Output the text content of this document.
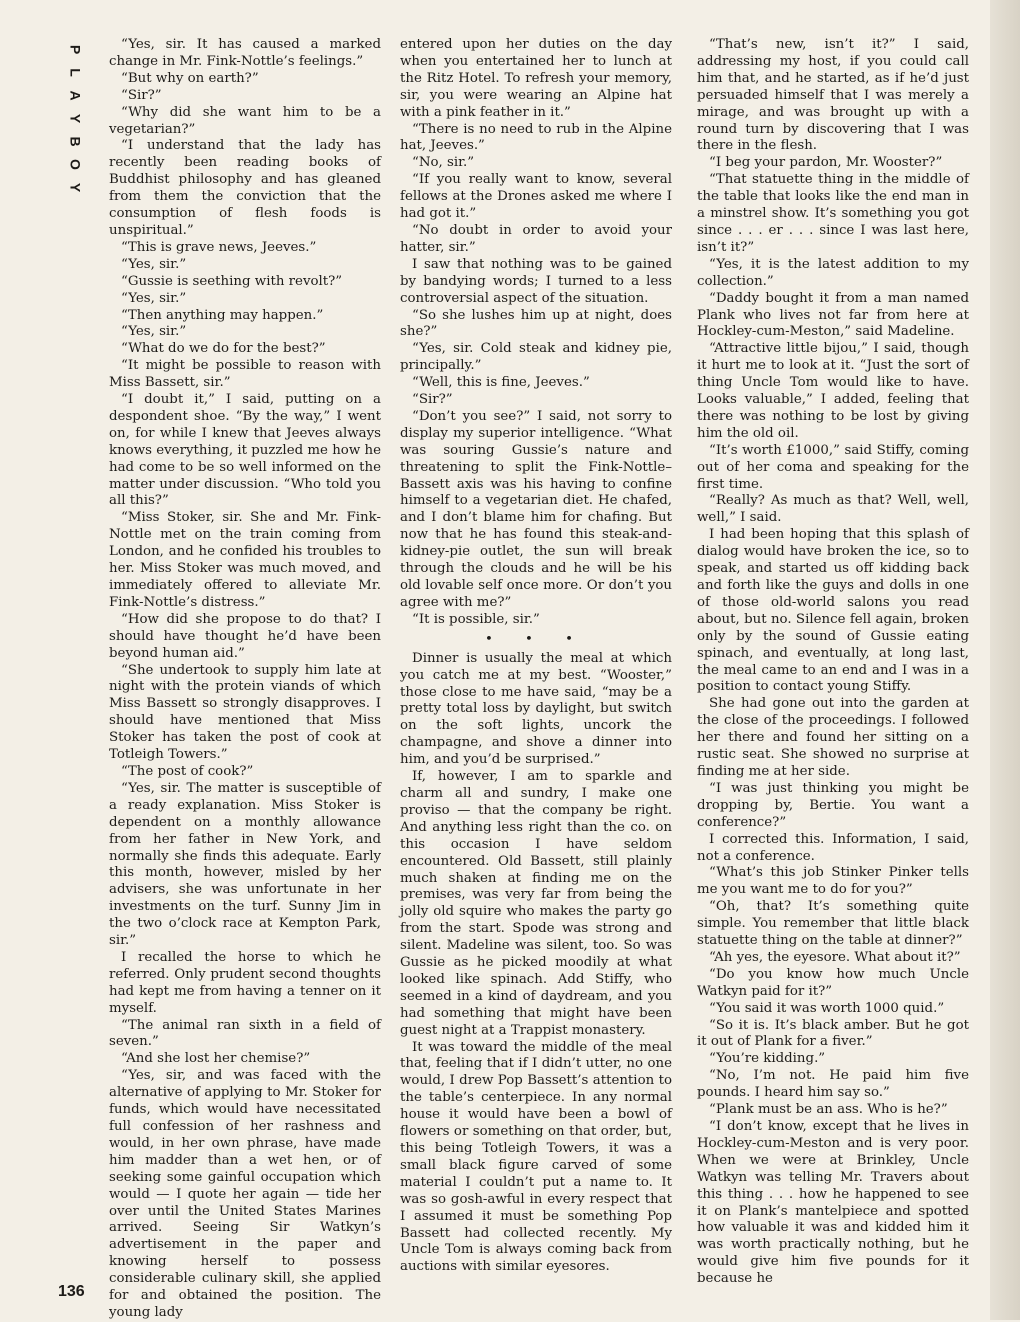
P
L
A
Y
B
O
Y

“Yes, sir. It has caused a marked change in Mr. Fink-Nottle’s feelings.”

“But why on earth?”

“Sir?”

“Why did she want him to be a vegetarian?”

“I understand that the lady has recently been reading books of Buddhist philosophy and has gleaned from them the conviction that the consumption of flesh foods is unspiritual.”

“This is grave news, Jeeves.”

“Yes, sir.”

“Gussie is seething with revolt?”

“Yes, sir.”

“Then anything may happen.”

“Yes, sir.”

“What do we do for the best?”

“It might be possible to reason with Miss Bassett, sir.”

“I doubt it,” I said, putting on a despondent shoe. “By the way,” I went on, for while I knew that Jeeves always knows everything, it puzzled me how he had come to be so well informed on the matter under discussion. “Who told you all this?”

“Miss Stoker, sir. She and Mr. Fink-Nottle met on the train coming from London, and he confided his troubles to her. Miss Stoker was much moved, and immediately offered to alleviate Mr. Fink-Nottle’s distress.”

“How did she propose to do that? I should have thought he’d have been beyond human aid.”

“She undertook to supply him late at night with the protein viands of which Miss Bassett so strongly disapproves. I should have mentioned that Miss Stoker has taken the post of cook at Totleigh Towers.”

“The post of cook?”

“Yes, sir. The matter is susceptible of a ready explanation. Miss Stoker is dependent on a monthly allowance from her father in New York, and normally she finds this adequate. Early this month, however, misled by her advisers, she was unfortunate in her investments on the turf. Sunny Jim in the two o’clock race at Kempton Park, sir.”

I recalled the horse to which he referred. Only prudent second thoughts had kept me from having a tenner on it myself.

“The animal ran sixth in a field of seven.”

“And she lost her chemise?”

“Yes, sir, and was faced with the alternative of applying to Mr. Stoker for funds, which would have necessitated full confession of her rashness and would, in her own phrase, have made him madder than a wet hen, or of seeking some gainful occupation which would — I quote her again — tide her over until the United States Marines arrived. Seeing Sir Watkyn’s advertisement in the paper and knowing herself to possess considerable culinary skill, she applied for and obtained the position. The young lady

entered upon her duties on the day when you entertained her to lunch at the Ritz Hotel. To refresh your memory, sir, you were wearing an Alpine hat with a pink feather in it.”

“There is no need to rub in the Alpine hat, Jeeves.”

“No, sir.”

“If you really want to know, several fellows at the Drones asked me where I had got it.”

“No doubt in order to avoid your hatter, sir.”

I saw that nothing was to be gained by bandying words; I turned to a less controversial aspect of the situation.

“So she lushes him up at night, does she?”

“Yes, sir. Cold steak and kidney pie, principally.”

“Well, this is fine, Jeeves.”

“Sir?”

“Don’t you see?” I said, not sorry to display my superior intelligence. “What was souring Gussie’s nature and threatening to split the Fink-Nottle–Bassett axis was his having to confine himself to a vegetarian diet. He chafed, and I don’t blame him for chafing. But now that he has found this steak-and-kidney-pie outlet, the sun will break through the clouds and he will be his old lovable self once more. Or don’t you agree with me?”

“It is possible, sir.”

• • •

Dinner is usually the meal at which you catch me at my best. “Wooster,” those close to me have said, “may be a pretty total loss by daylight, but switch on the soft lights, uncork the champagne, and shove a dinner into him, and you’d be surprised.”

If, however, I am to sparkle and charm all and sundry, I make one proviso — that the company be right. And anything less right than the co. on this occasion I have seldom encountered. Old Bassett, still plainly much shaken at finding me on the premises, was very far from being the jolly old squire who makes the party go from the start. Spode was strong and silent. Madeline was silent, too. So was Gussie as he picked moodily at what looked like spinach. Add Stiffy, who seemed in a kind of daydream, and you had something that might have been guest night at a Trappist monastery.

It was toward the middle of the meal that, feeling that if I didn’t utter, no one would, I drew Pop Bassett’s attention to the table’s centerpiece. In any normal house it would have been a bowl of flowers or something on that order, but, this being Totleigh Towers, it was a small black figure carved of some material I couldn’t put a name to. It was so gosh-awful in every respect that I assumed it must be something Pop Bassett had collected recently. My Uncle Tom is always coming back from auctions with similar eyesores.

“That’s new, isn’t it?” I said, addressing my host, if you could call him that, and he started, as if he’d just persuaded himself that I was merely a mirage, and was brought up with a round turn by discovering that I was there in the flesh.

“I beg your pardon, Mr. Wooster?”

“That statuette thing in the middle of the table that looks like the end man in a minstrel show. It’s something you got since . . . er . . . since I was last here, isn’t it?”

“Yes, it is the latest addition to my collection.”

“Daddy bought it from a man named Plank who lives not far from here at Hockley-cum-Meston,” said Madeline.

“Attractive little bijou,” I said, though it hurt me to look at it. “Just the sort of thing Uncle Tom would like to have. Looks valuable,” I added, feeling that there was nothing to be lost by giving him the old oil.

“It’s worth £1000,” said Stiffy, coming out of her coma and speaking for the first time.

“Really? As much as that? Well, well, well,” I said.

I had been hoping that this splash of dialog would have broken the ice, so to speak, and started us off kidding back and forth like the guys and dolls in one of those old-world salons you read about, but no. Silence fell again, broken only by the sound of Gussie eating spinach, and eventually, at long last, the meal came to an end and I was in a position to contact young Stiffy.

She had gone out into the garden at the close of the proceedings. I followed her there and found her sitting on a rustic seat. She showed no surprise at finding me at her side.

“I was just thinking you might be dropping by, Bertie. You want a conference?”

I corrected this. Information, I said, not a conference.

“What’s this job Stinker Pinker tells me you want me to do for you?”

“Oh, that? It’s something quite simple. You remember that little black statuette thing on the table at dinner?”

“Ah yes, the eyesore. What about it?”

“Do you know how much Uncle Watkyn paid for it?”

“You said it was worth 1000 quid.”

“So it is. It’s black amber. But he got it out of Plank for a fiver.”

“You’re kidding.”

“No, I’m not. He paid him five pounds. I heard him say so.”

“Plank must be an ass. Who is he?”

“I don’t know, except that he lives in Hockley-cum-Meston and is very poor. When we were at Brinkley, Uncle Watkyn was telling Mr. Travers about this thing . . . how he happened to see it on Plank’s mantelpiece and spotted how valuable it was and kidded him it was worth practically nothing, but he would give him five pounds for it because he

136
